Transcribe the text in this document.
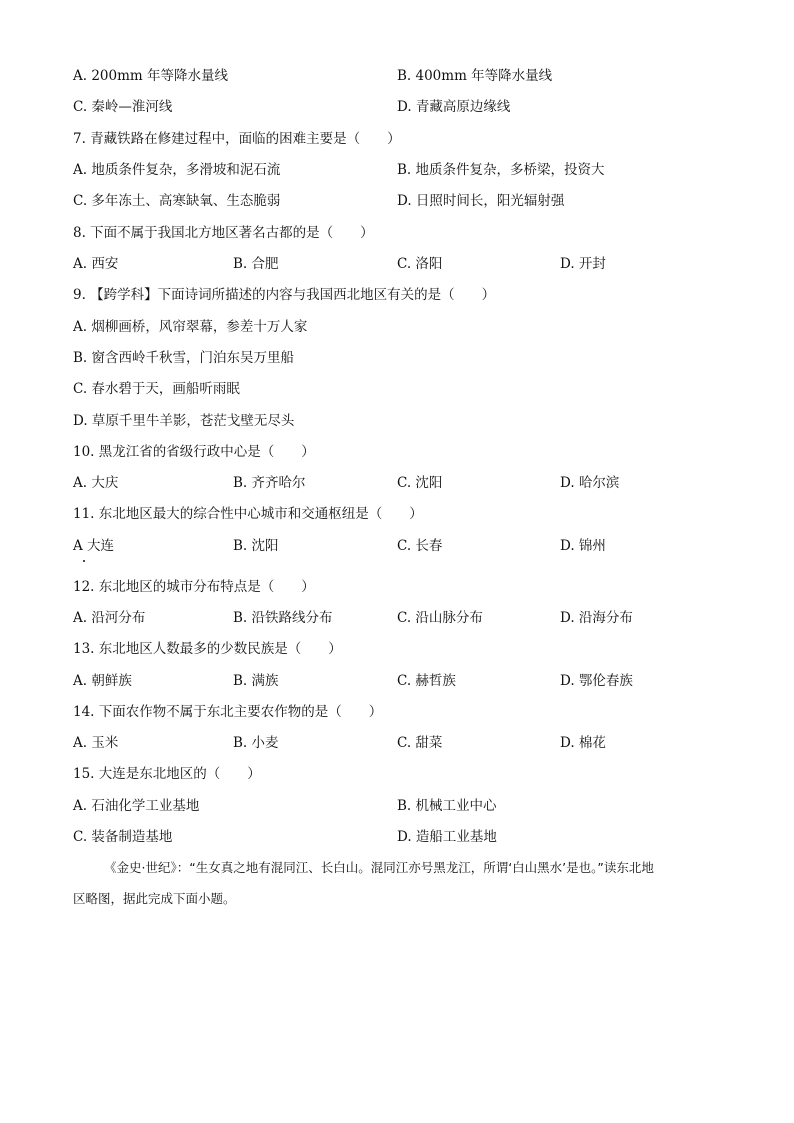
A. 200mm 年等降水量线	B. 400mm 年等降水量线
C. 秦岭—淮河线	D. 青藏高原边缘线
7. 青藏铁路在修建过程中，面临的困难主要是（　　）
A. 地质条件复杂，多滑坡和泥石流	B. 地质条件复杂，多桥梁，投资大
C. 多年冻土、高寒缺氧、生态脆弱	D. 日照时间长，阳光辐射强
8. 下面不属于我国北方地区著名古都的是（　　）
A. 西安	B. 合肥	C. 洛阳	D. 开封
9. 【跨学科】下面诗词所描述的内容与我国西北地区有关的是（　　）
A. 烟柳画桥，风帘翠幕，参差十万人家
B. 窗含西岭千秋雪，门泊东吴万里船
C. 春水碧于天，画船听雨眠
D. 草原千里牛羊影，苍茫戈壁无尽头
10. 黑龙江省的省级行政中心是（　　）
A. 大庆	B. 齐齐哈尔	C. 沈阳	D. 哈尔滨
11. 东北地区最大的综合性中心城市和交通枢纽是（　　）
A 大连	B. 沈阳	C. 长春	D. 锦州
12. 东北地区的城市分布特点是（　　）
A. 沿河分布	B. 沿铁路线分布	C. 沿山脉分布	D. 沿海分布
13. 东北地区人数最多的少数民族是（　　）
A. 朝鲜族	B. 满族	C. 赫哲族	D. 鄂伦春族
14. 下面农作物不属于东北主要农作物的是（　　）
A. 玉米	B. 小麦	C. 甜菜	D. 棉花
15. 大连是东北地区的（　　）
A. 石油化学工业基地	B. 机械工业中心
C. 装备制造基地	D. 造船工业基地
《金史·世纪》：“生女真之地有混同江、长白山。混同江亦号黑龙江，所谓‘白山黑水’是也。”读东北地
区略图，据此完成下面小题。
